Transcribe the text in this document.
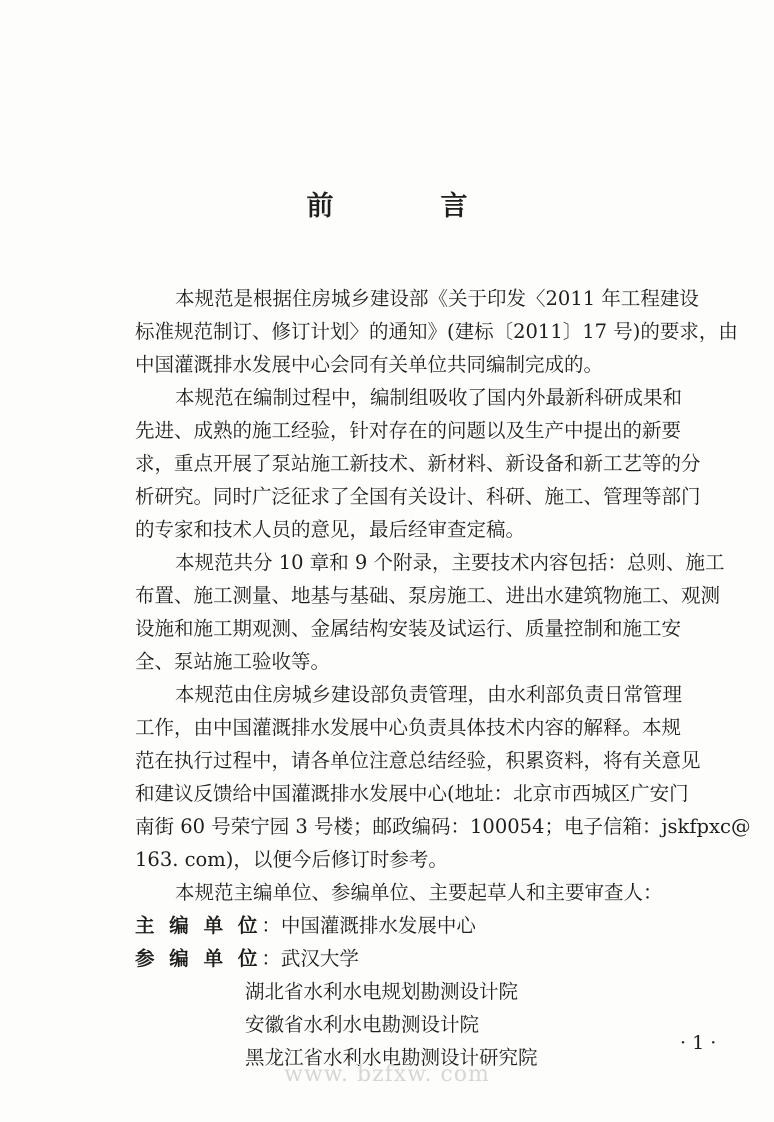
前　言
本规范是根据住房城乡建设部《关于印发〈2011 年工程建设
标准规范制订、修订计划〉的通知》(建标〔2011〕17 号)的要求，由
中国灌溉排水发展中心会同有关单位共同编制完成的。
本规范在编制过程中，编制组吸收了国内外最新科研成果和
先进、成熟的施工经验，针对存在的问题以及生产中提出的新要
求，重点开展了泵站施工新技术、新材料、新设备和新工艺等的分
析研究。同时广泛征求了全国有关设计、科研、施工、管理等部门
的专家和技术人员的意见，最后经审查定稿。
本规范共分 10 章和 9 个附录，主要技术内容包括：总则、施工
布置、施工测量、地基与基础、泵房施工、进出水建筑物施工、观测
设施和施工期观测、金属结构安装及试运行、质量控制和施工安
全、泵站施工验收等。
本规范由住房城乡建设部负责管理，由水利部负责日常管理
工作，由中国灌溉排水发展中心负责具体技术内容的解释。本规
范在执行过程中，请各单位注意总结经验，积累资料，将有关意见
和建议反馈给中国灌溉排水发展中心(地址：北京市西城区广安门
南街 60 号荣宁园 3 号楼；邮政编码：100054；电子信箱：jskfpxc@
163. com)，以便今后修订时参考。
本规范主编单位、参编单位、主要起草人和主要审查人：
主 编 单 位：中国灌溉排水发展中心
参 编 单 位：武汉大学
湖北省水利水电规划勘测设计院
安徽省水利水电勘测设计院
黑龙江省水利水电勘测设计研究院
· 1 ·
www. bzfxw. com
